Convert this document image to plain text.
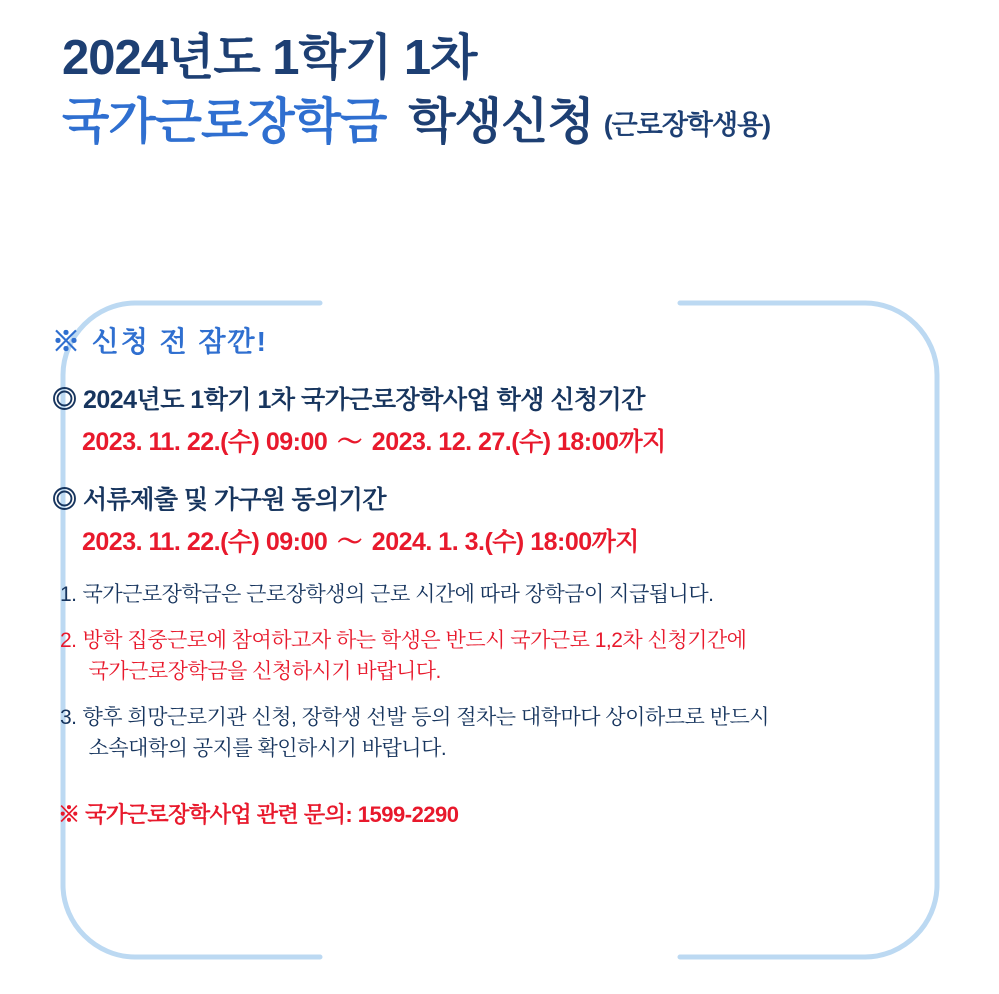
2024년도 1학기 1차
국가근로장학금 학생신청 (근로장학생용)
※ 신청 전 잠깐!
◎ 2024년도 1학기 1차 국가근로장학사업 학생 신청기간
2023. 11. 22.(수) 09:00 ～ 2023. 12. 27.(수) 18:00까지
◎ 서류제출 및 가구원 동의기간
2023. 11. 22.(수) 09:00 ～ 2024. 1. 3.(수) 18:00까지
1. 국가근로장학금은 근로장학생의 근로 시간에 따라 장학금이 지급됩니다.
2. 방학 집중근로에 참여하고자 하는 학생은 반드시 국가근로 1,2차 신청기간에
국가근로장학금을 신청하시기 바랍니다.
3. 향후 희망근로기관 신청, 장학생 선발 등의 절차는 대학마다 상이하므로 반드시
소속대학의 공지를 확인하시기 바랍니다.
※ 국가근로장학사업 관련 문의: 1599-2290
